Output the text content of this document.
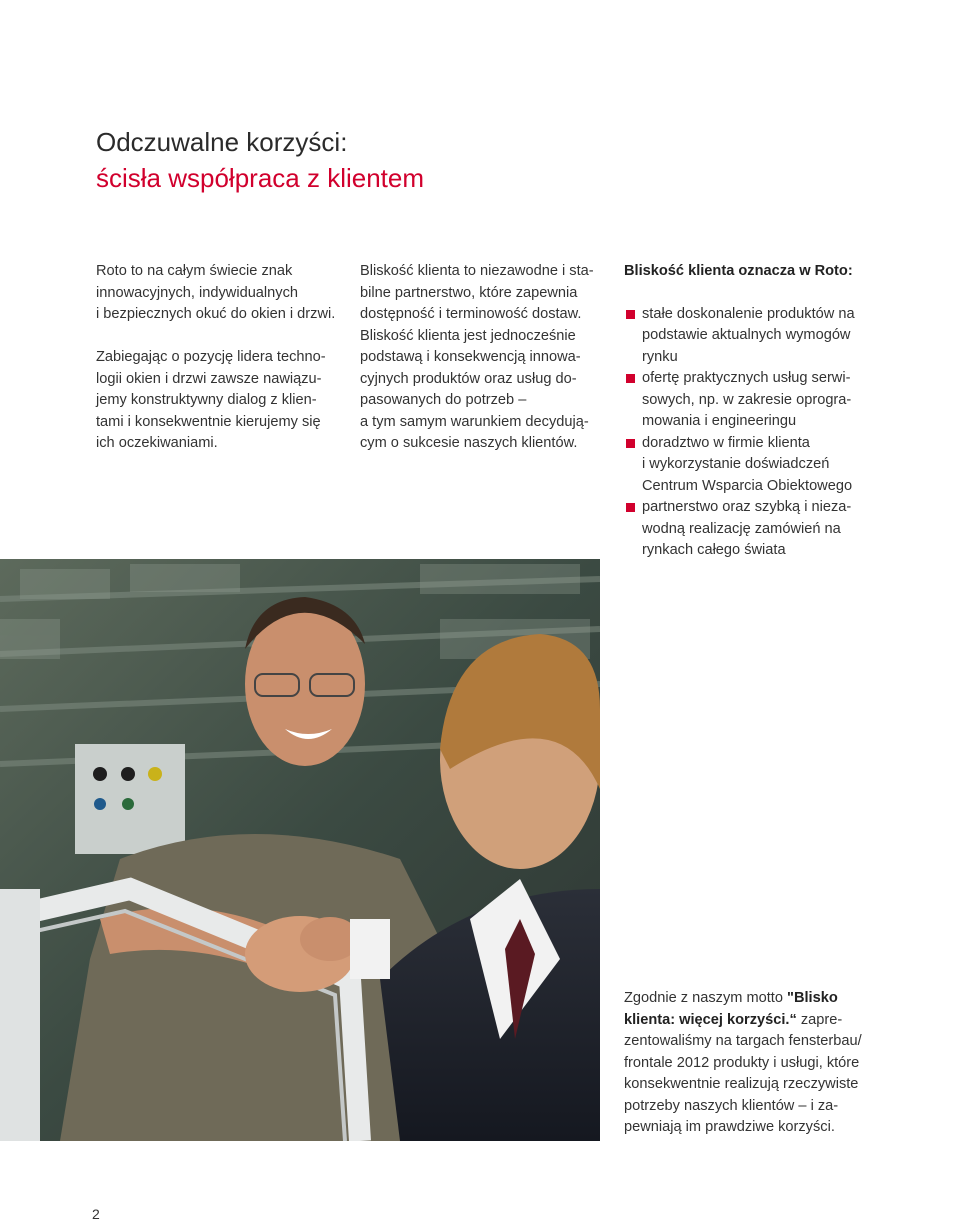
Odczuwalne korzyści:
ścisła współpraca z klientem

Roto to na całym świecie znak
innowacyjnych, indywidualnych
i bezpiecznych okuć do okien i drzwi.

Zabiegając o pozycję lidera techno-
logii okien i drzwi zawsze nawiązu-
jemy konstruktywny dialog z klien-
tami i konsekwentnie kierujemy się
ich oczekiwaniami.

Bliskość klienta to niezawodne i sta-
bilne partnerstwo, które zapewnia
dostępność i terminowość dostaw.
Bliskość klienta jest jednocześnie
podstawą i konsekwencją innowa-
cyjnych produktów oraz usług do-
pasowanych do potrzeb –
a tym samym warunkiem decydują-
cym o sukcesie naszych klientów.

Bliskość klienta oznacza w Roto:
stałe doskonalenie produktów na
podstawie aktualnych wymogów
rynku
ofertę praktycznych usług serwi-
sowych, np. w zakresie oprogra-
mowania i engineeringu
doradztwo w firmie klienta
i wykorzystanie doświadczeń
Centrum Wsparcia Obiektowego
partnerstwo oraz szybką i nieza-
wodną realizację zamówień na
rynkach całego świata
Zgodnie z naszym motto "Blisko klienta: więcej korzyści.“ zapre-zentowaliśmy na targach fensterbau/ frontale 2012 produkty i usługi, które konsekwentnie realizują rzeczywiste potrzeby naszych klientów – i za-pewniają im prawdziwe korzyści.
2
